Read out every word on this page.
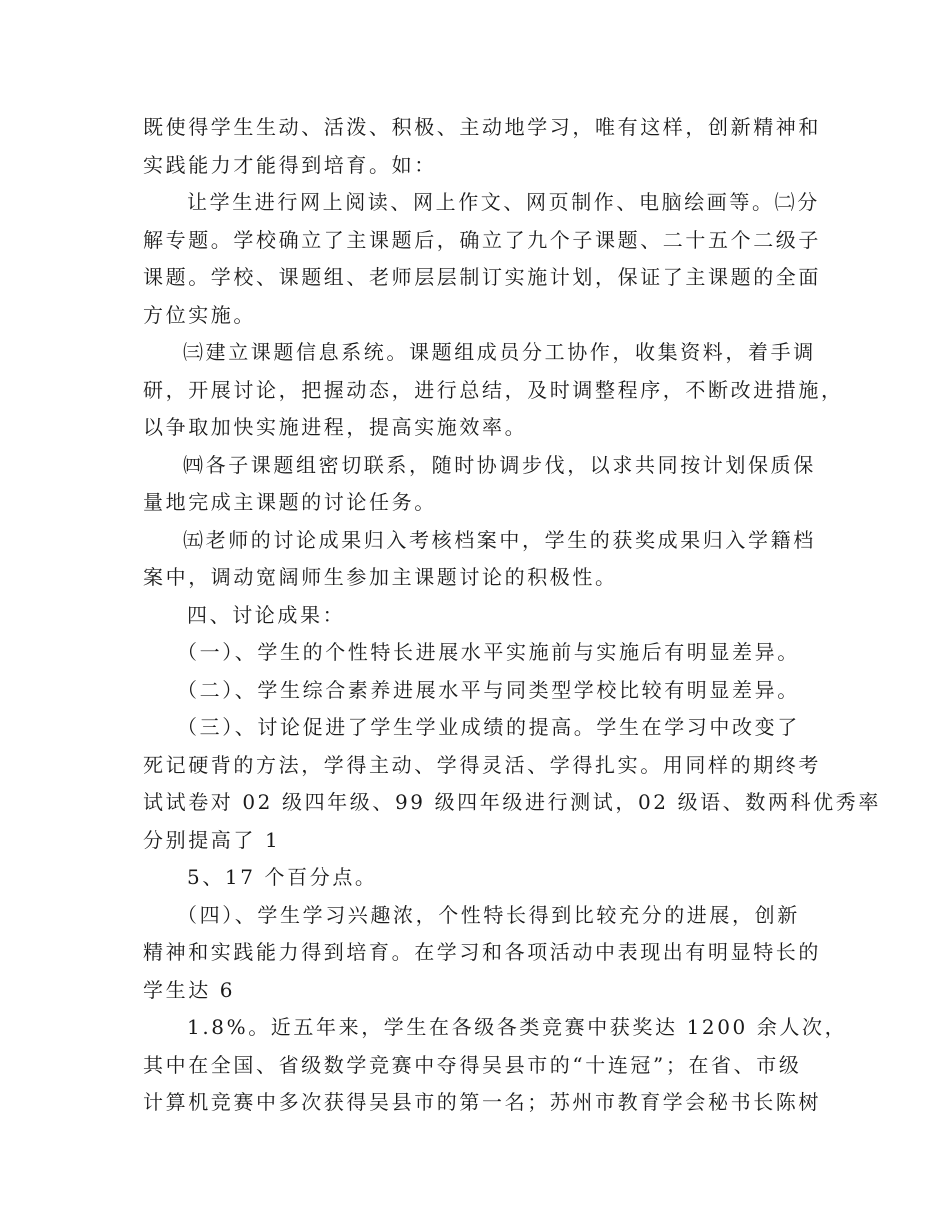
既使得学生生动、活泼、积极、主动地学习，唯有这样，创新精神和
实践能力才能得到培育。如：
让学生进行网上阅读、网上作文、网页制作、电脑绘画等。㈡分
解专题。学校确立了主课题后，确立了九个子课题、二十五个二级子
课题。学校、课题组、老师层层制订实施计划，保证了主课题的全面
方位实施。
㈢建立课题信息系统。课题组成员分工协作，收集资料，着手调
研，开展讨论，把握动态，进行总结，及时调整程序，不断改进措施，
以争取加快实施进程，提高实施效率。
㈣各子课题组密切联系，随时协调步伐，以求共同按计划保质保
量地完成主课题的讨论任务。
㈤老师的讨论成果归入考核档案中，学生的获奖成果归入学籍档
案中，调动宽阔师生参加主课题讨论的积极性。
四、讨论成果：
（一）、学生的个性特长进展水平实施前与实施后有明显差异。
（二）、学生综合素养进展水平与同类型学校比较有明显差异。
（三）、讨论促进了学生学业成绩的提高。学生在学习中改变了
死记硬背的方法，学得主动、学得灵活、学得扎实。用同样的期终考
试试卷对 02 级四年级、99 级四年级进行测试，02 级语、数两科优秀率
分别提高了 1
5、17 个百分点。
（四）、学生学习兴趣浓，个性特长得到比较充分的进展，创新
精神和实践能力得到培育。在学习和各项活动中表现出有明显特长的
学生达 6
1.8%。近五年来，学生在各级各类竞赛中获奖达 1200 余人次，
其中在全国、省级数学竞赛中夺得吴县市的“十连冠”；在省、市级
计算机竞赛中多次获得吴县市的第一名；苏州市教育学会秘书长陈树
